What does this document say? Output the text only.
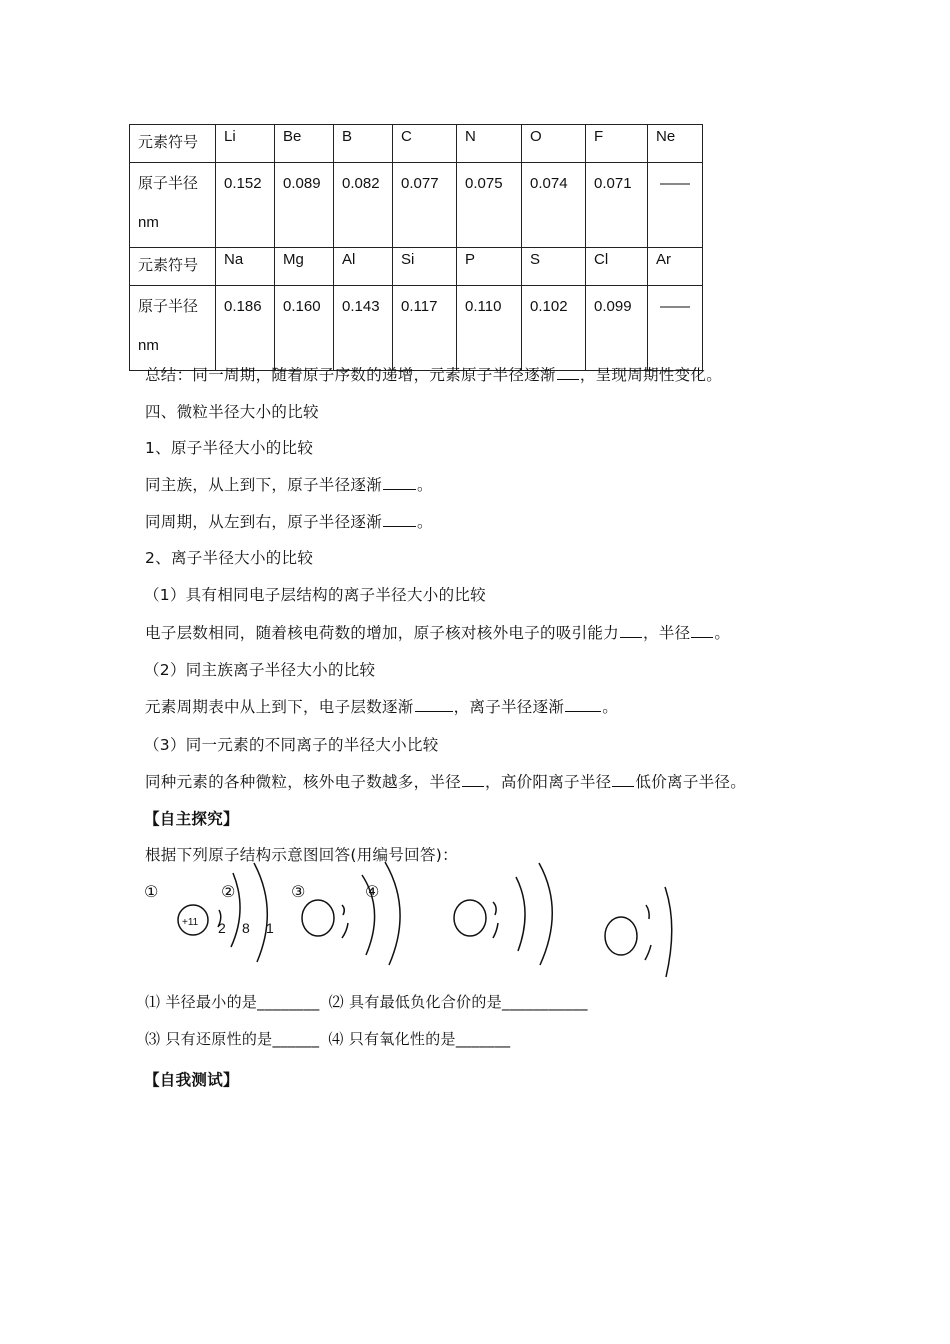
元素符号	Li	Be	B	C	N	O	F	Ne

原子半径
nm	0.152	0.089	0.082	0.077	0.075	0.074	0.071	——
元素符号	Na	Mg	Al	Si	P	S	Cl	Ar

原子半径
nm	0.186	0.160	0.143	0.117	0.110	0.102	0.099	——
总结：同一周期，随着原子序数的递增，元素原子半径逐渐 ，呈现周期性变化。
四、微粒半径大小的比较
1、原子半径大小的比较
同主族，从上到下，原子半径逐渐 。
同周期，从左到右，原子半径逐渐 。
2、离子半径大小的比较
（1）具有相同电子层结构的离子半径大小的比较
电子层数相同，随着核电荷数的增加，原子核对核外电子的吸引能力 ，半径 。
（2）同主族离子半径大小的比较
元素周期表中从上到下，电子层数逐渐	，离子半径逐渐 。
（3）同一元素的不同离子的半径大小比较
同种元素的各种微粒，核外电子数越多，半径 ，高价阳离子半径 低价离子半径。
【自主探究】
根据下列原子结构示意图回答(用编号回答)：
①	②	③	④
+11 2 8 1
⑴ 半径最小的是________ ⑵ 具有最低负化合价的是___________
⑶ 只有还原性的是______ ⑷ 只有氧化性的是_______
【自我测试】
